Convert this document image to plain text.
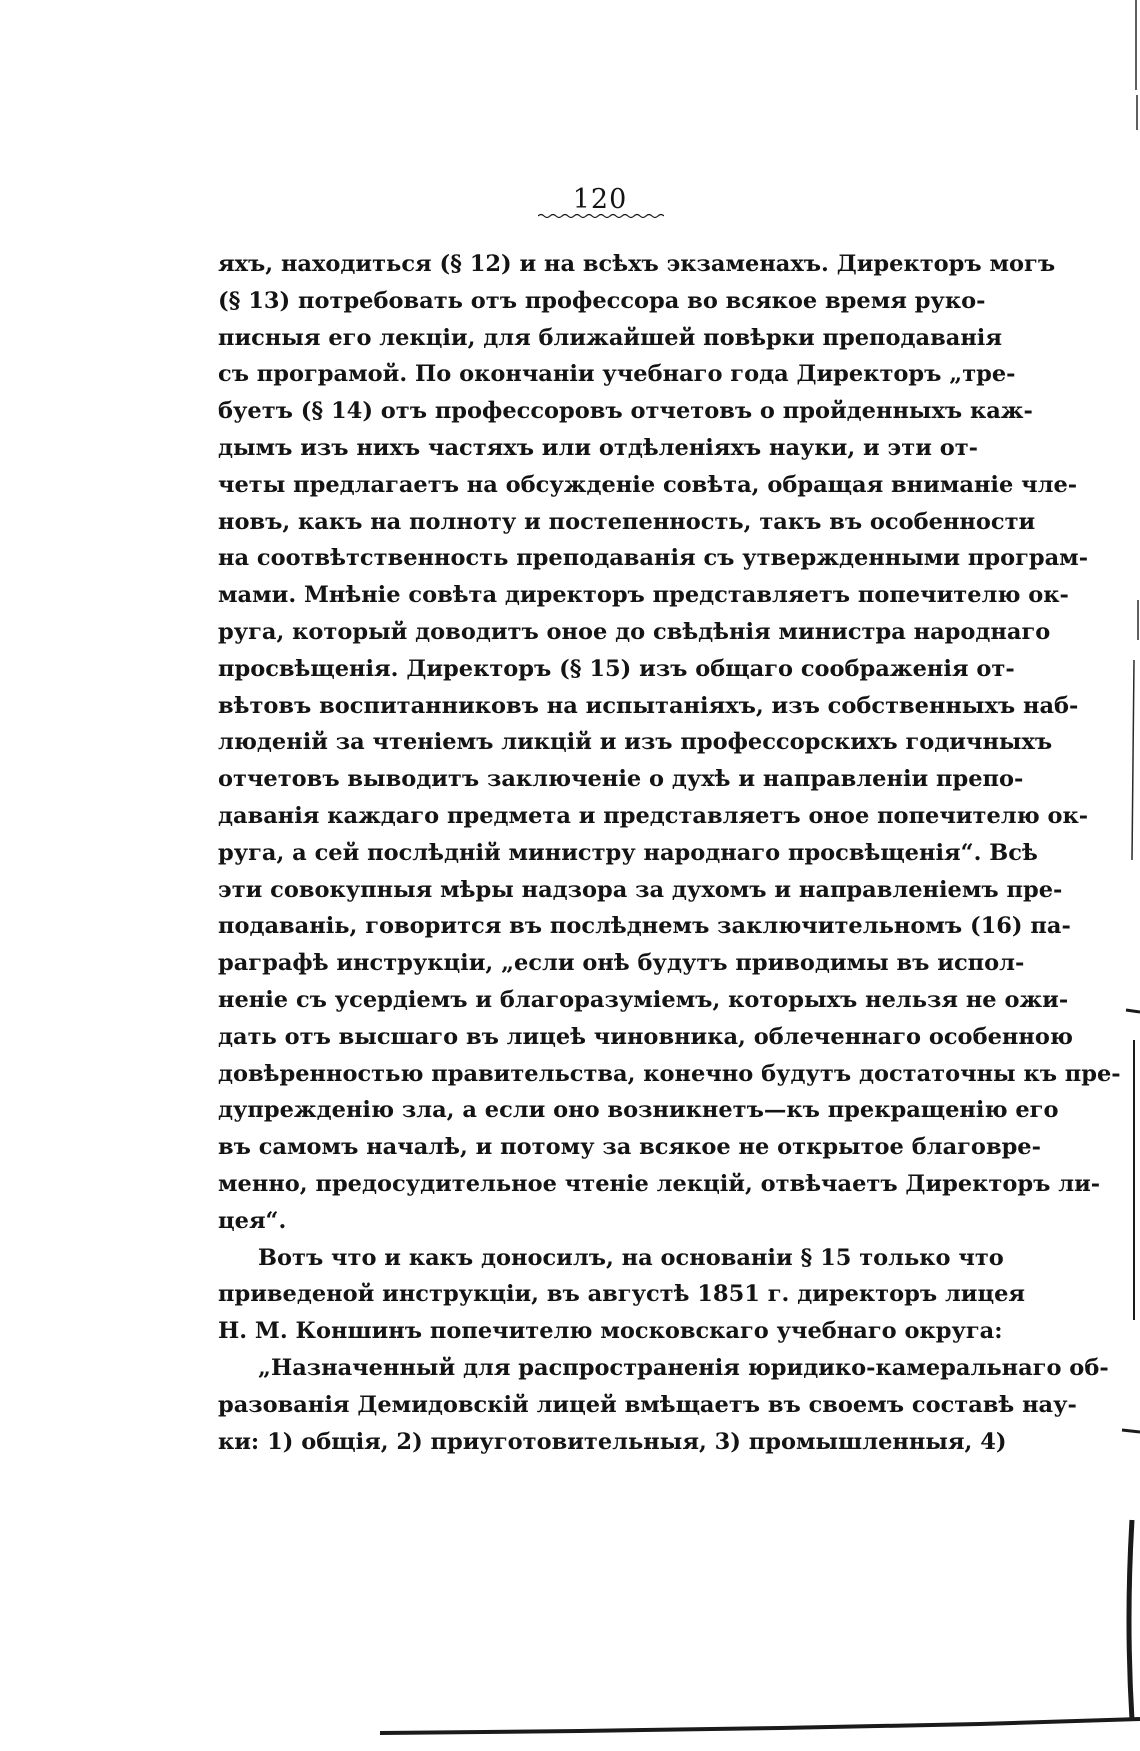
120
яхъ, находиться (§ 12) и на всѣхъ экзаменахъ. Директоръ могъ
(§ 13) потребовать отъ профессора во всякое время руко-
писныя его лекціи, для ближайшей повѣрки преподаванія
съ програмой. По окончаніи учебнаго года Директоръ „тре-
буетъ (§ 14) отъ профессоровъ отчетовъ о пройденныхъ каж-
дымъ изъ нихъ частяхъ или отдѣленіяхъ науки, и эти от-
четы предлагаетъ на обсужденіе совѣта, обращая вниманіе чле-
новъ, какъ на полноту и постепенность, такъ въ особенности
на соотвѣтственность преподаванія съ утвержденными програм-
мами. Мнѣніе совѣта директоръ представляетъ попечителю ок-
руга, который доводитъ оное до свѣдѣнія министра народнаго
просвѣщенія. Директоръ (§ 15) изъ общаго соображенія от-
вѣтовъ воспитанниковъ на испытаніяхъ, изъ собственныхъ наб-
люденій за чтеніемъ ликцій и изъ профессорскихъ годичныхъ
отчетовъ выводитъ заключеніе о духѣ и направленіи препо-
даванія каждаго предмета и представляетъ оное попечителю ок-
руга, а сей послѣдній министру народнаго просвѣщенія“. Всѣ
эти совокупныя мѣры надзора за духомъ и направленіемъ пре-
подаваніь, говорится въ послѣднемъ заключительномъ (16) па-
раграфѣ инструкціи, „если онѣ будутъ приводимы въ испол-
неніе съ усердіемъ и благоразуміемъ, которыхъ нельзя не ожи-
дать отъ высшаго въ лицеѣ чиновника, облеченнаго особенною
довѣренностью правительства, конечно будутъ достаточны къ пре-
дупрежденію зла, а если оно возникнетъ—къ прекращенію его
въ самомъ началѣ, и потому за всякое не открытое благовре-
менно, предосудительное чтеніе лекцій, отвѣчаетъ Директоръ ли-
цея“.
Вотъ что и какъ доносилъ, на основаніи § 15 только что
приведеной инструкціи, въ августѣ 1851 г. директоръ лицея
Н. М. Коншинъ попечителю московскаго учебнаго округа:
„Назначенный для распространенія юридико-камеральнаго об-
разованія Демидовскій лицей вмѣщаетъ въ своемъ составѣ нау-
ки: 1) общія, 2) приуготовительныя, 3) промышленныя, 4)
